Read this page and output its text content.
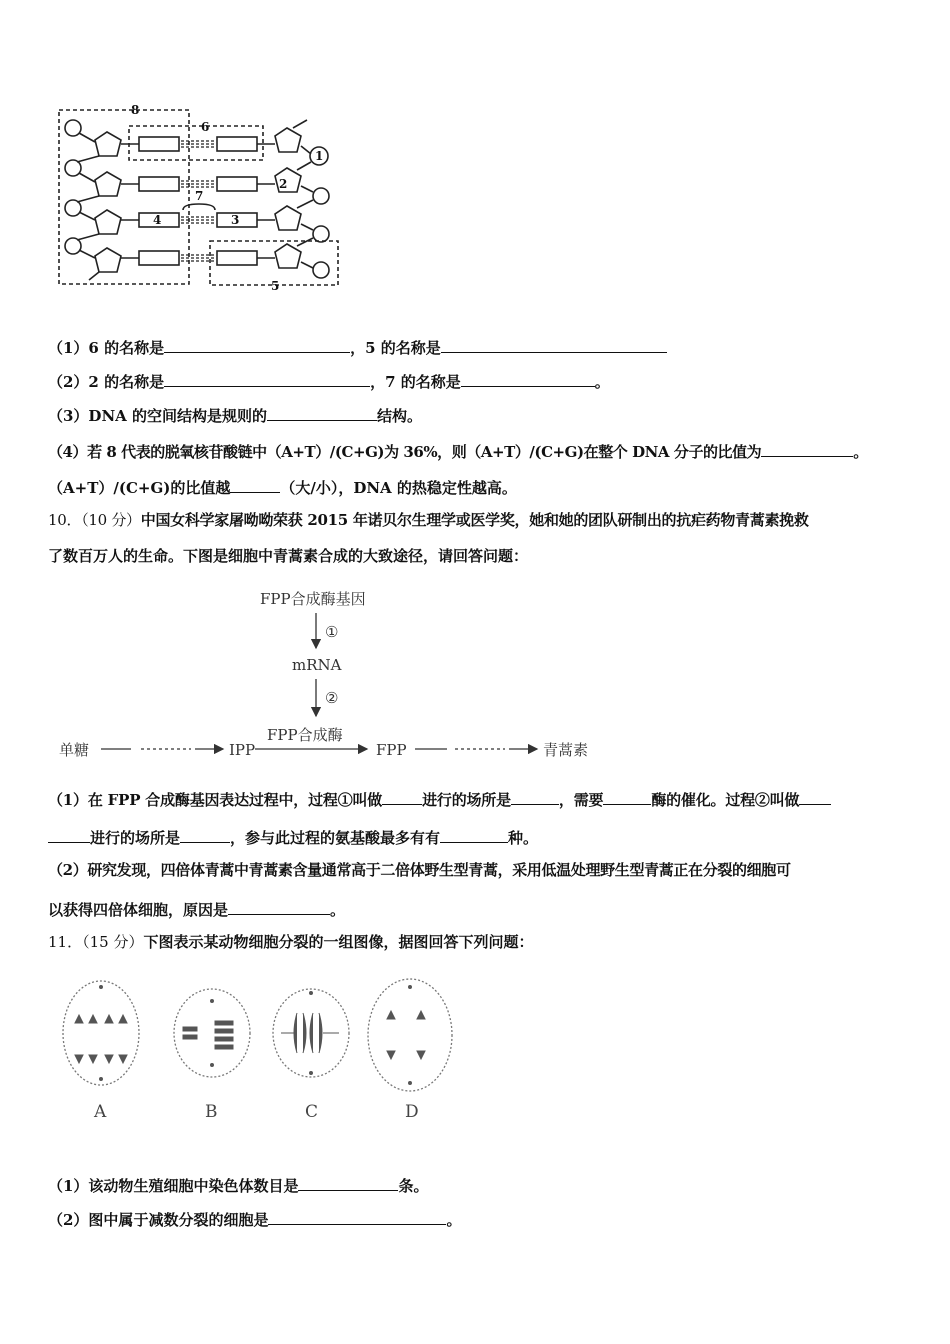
8
6
1
2
7
4	3
5
（1）6 的名称是	，5 的名称是
（2）2 的名称是	，7 的名称是	。
（3）DNA 的空间结构是规则的	结构。
（4）若 8 代表的脱氧核苷酸链中（A+T）/(C+G)为 36%，则（A+T）/(C+G)在整个 DNA 分子的比值为	。
（A+T）/(C+G)的比值越	（大/小），DNA 的热稳定性越高。
10．（10 分）中国女科学家屠呦呦荣获 2015 年诺贝尔生理学或医学奖，她和她的团队研制出的抗疟药物青蒿素挽救
了数百万人的生命。下图是细胞中青蒿素合成的大致途径，请回答问题：
FPP合成酶基因
①
mRNA
②
FPP合成酶
单糖	IPP	FPP	青蒿素
（1）在 FPP 合成酶基因表达过程中，过程①叫做	进行的场所是	，需要	酶的催化。过程②叫做
进行的场所是	，参与此过程的氨基酸最多有有	种。
（2）研究发现，四倍体青蒿中青蒿素含量通常高于二倍体野生型青蒿，采用低温处理野生型青蒿正在分裂的细胞可
以获得四倍体细胞，原因是	。
11．（15 分）下图表示某动物细胞分裂的一组图像，据图回答下列问题：
A	B	C	D
（1）该动物生殖细胞中染色体数目是	条。
（2）图中属于减数分裂的细胞是	。
